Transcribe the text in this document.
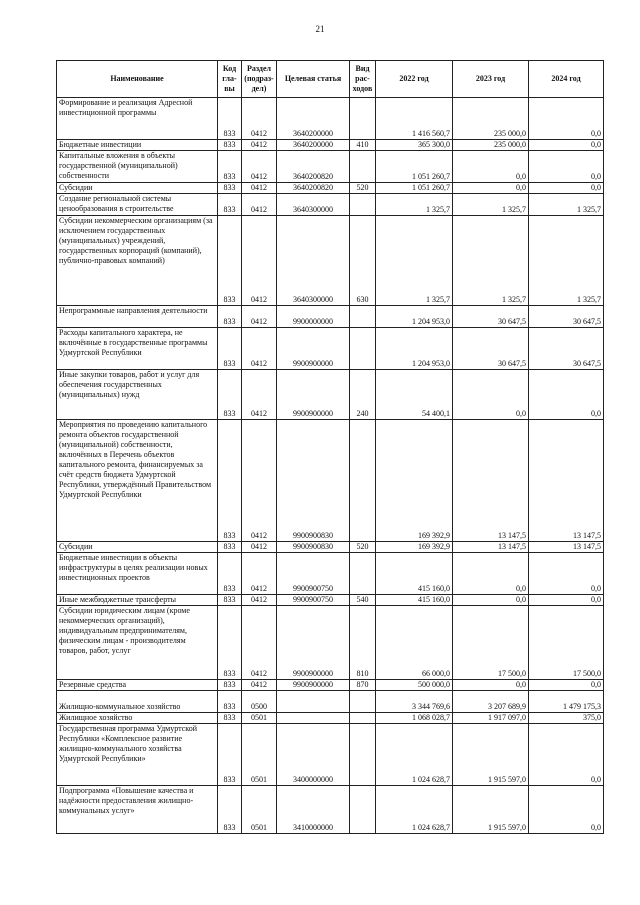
21
Наименование	Код гла- вы	Раздел (подраз- дел)	Целевая статья	Вид рас- ходов	2022 год	2023 год	2024 год
Формирование и реализация Адресной инвестиционной программы	833	0412	3640200000		1 416 560,7	235 000,0	0,0
Бюджетные инвестиции	833	0412	3640200000	410	365 300,0	235 000,0	0,0
Капитальные вложения в объекты государственной (муниципальной) собственности	833	0412	3640200820		1 051 260,7	0,0	0,0
Субсидии	833	0412	3640200820	520	1 051 260,7	0,0	0,0
Создание региональной системы ценообразования в строительстве	833	0412	3640300000		1 325,7	1 325,7	1 325,7
Субсидии некоммерческим организациям (за исключением государственных (муниципальных) учреждений, государственных корпораций (компаний), публично-правовых компаний)	833	0412	3640300000	630	1 325,7	1 325,7	1 325,7
Непрограммные направления деятельности	833	0412	9900000000		1 204 953,0	30 647,5	30 647,5
Расходы капитального характера, не включённые в государственные программы Удмуртской Республики	833	0412	9900900000		1 204 953,0	30 647,5	30 647,5
Иные закупки товаров, работ и услуг для обеспечения государственных (муниципальных) нужд	833	0412	9900900000	240	54 400,1	0,0	0,0
Мероприятия по проведению капитального ремонта объектов государственной (муниципальной) собственности, включённых в Перечень объектов капитального ремонта, финансируемых за счёт средств бюджета Удмуртской Республики, утверждённый Правительством Удмуртской Республики	833	0412	9900900830		169 392,9	13 147,5	13 147,5
Субсидии	833	0412	9900900830	520	169 392,9	13 147,5	13 147,5
Бюджетные инвестиции в объекты инфраструктуры в целях реализации новых инвестиционных проектов	833	0412	9900900750		415 160,0	0,0	0,0
Иные межбюджетные трансферты	833	0412	9900900750	540	415 160,0	0,0	0,0
Субсидии юридическим лицам (кроме некоммерческих организаций), индивидуальным предпринимателям, физическим лицам - производителям товаров, работ, услуг	833	0412	9900900000	810	66 000,0	17 500,0	17 500,0
Резервные средства	833	0412	9900900000	870	500 000,0	0,0	0,0
Жилищно-коммунальное хозяйство	833	0500			3 344 769,6	3 207 689,9	1 479 175,3
Жилищное хозяйство	833	0501			1 068 028,7	1 917 097,0	375,0
Государственная программа Удмуртской Республики «Комплексное развитие жилищно-коммунального хозяйства Удмуртской Республики»	833	0501	3400000000		1 024 628,7	1 915 597,0	0,0
Подпрограмма «Повышение качества и надёжности предоставления жилищно-коммунальных услуг»	833	0501	3410000000		1 024 628,7	1 915 597,0	0,0
